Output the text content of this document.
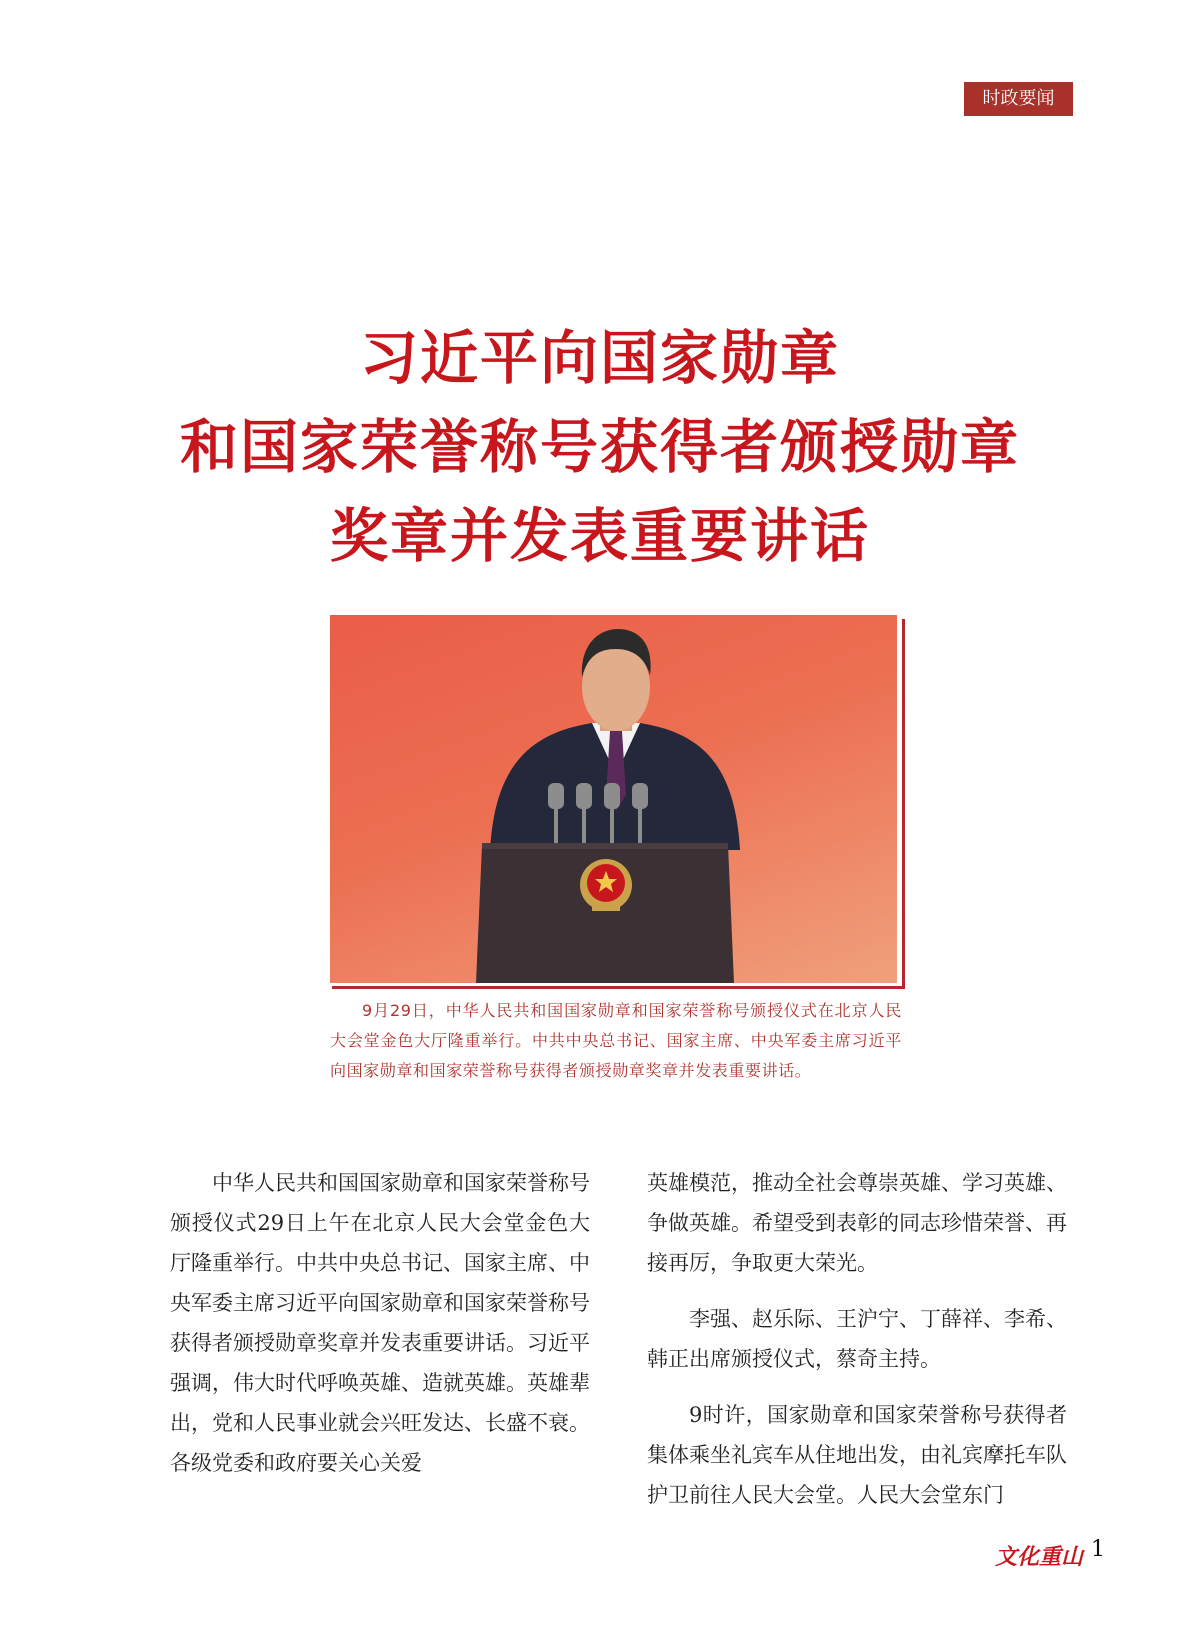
时政要闻
习近平向国家勋章
和国家荣誉称号获得者颁授勋章
奖章并发表重要讲话
9月29日，中华人民共和国国家勋章和国家荣誉称号颁授仪式在北京人民大会堂金色大厅隆重举行。中共中央总书记、国家主席、中央军委主席习近平向国家勋章和国家荣誉称号获得者颁授勋章奖章并发表重要讲话。

中华人民共和国国家勋章和国家荣誉称号颁授仪式29日上午在北京人民大会堂金色大厅隆重举行。中共中央总书记、国家主席、中央军委主席习近平向国家勋章和国家荣誉称号获得者颁授勋章奖章并发表重要讲话。习近平强调，伟大时代呼唤英雄、造就英雄。英雄辈出，党和人民事业就会兴旺发达、长盛不衰。各级党委和政府要关心关爱

英雄模范，推动全社会尊崇英雄、学习英雄、争做英雄。希望受到表彰的同志珍惜荣誉、再接再厉，争取更大荣光。

李强、赵乐际、王沪宁、丁薛祥、李希、韩正出席颁授仪式，蔡奇主持。

9时许，国家勋章和国家荣誉称号获得者集体乘坐礼宾车从住地出发，由礼宾摩托车队护卫前往人民大会堂。人民大会堂东门

文化重山 1
